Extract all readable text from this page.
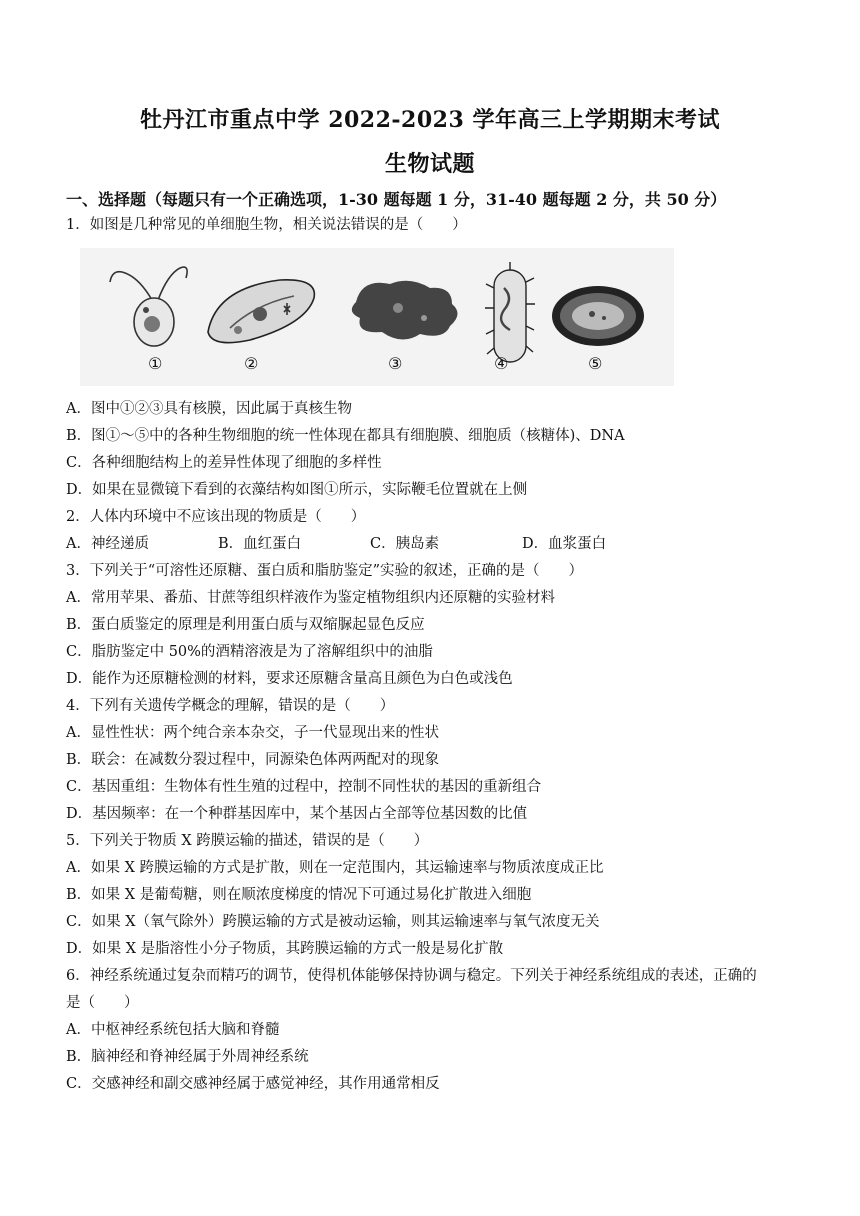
牡丹江市重点中学 2022-2023 学年高三上学期期末考试
生物试题
一、选择题（每题只有一个正确选项，1-30 题每题 1 分，31-40 题每题 2 分，共 50 分）
1．如图是几种常见的单细胞生物，相关说法错误的是（　　）
①	②	③	④	⑤
A．图中①②③具有核膜，因此属于真核生物
B．图①～⑤中的各种生物细胞的统一性体现在都具有细胞膜、细胞质（核糖体)、DNA
C．各种细胞结构上的差异性体现了细胞的多样性
D．如果在显微镜下看到的衣藻结构如图①所示，实际鞭毛位置就在上侧
2．人体内环境中不应该出现的物质是（　　）
A．神经递质	B．血红蛋白	C．胰岛素	D．血浆蛋白
3．下列关于“可溶性还原糖、蛋白质和脂肪鉴定”实验的叙述，正确的是（　　）
A．常用苹果、番茄、甘蔗等组织样液作为鉴定植物组织内还原糖的实验材料
B．蛋白质鉴定的原理是利用蛋白质与双缩脲起显色反应
C．脂肪鉴定中 50%的酒精溶液是为了溶解组织中的油脂
D．能作为还原糖检测的材料，要求还原糖含量高且颜色为白色或浅色
4．下列有关遗传学概念的理解，错误的是（　　）
A．显性性状：两个纯合亲本杂交，子一代显现出来的性状
B．联会：在减数分裂过程中，同源染色体两两配对的现象
C．基因重组：生物体有性生殖的过程中，控制不同性状的基因的重新组合
D．基因频率：在一个种群基因库中，某个基因占全部等位基因数的比值
5．下列关于物质 X 跨膜运输的描述，错误的是（　　）
A．如果 X 跨膜运输的方式是扩散，则在一定范围内，其运输速率与物质浓度成正比
B．如果 X 是葡萄糖，则在顺浓度梯度的情况下可通过易化扩散进入细胞
C．如果 X（氧气除外）跨膜运输的方式是被动运输，则其运输速率与氧气浓度无关
D．如果 X 是脂溶性小分子物质，其跨膜运输的方式一般是易化扩散
6．神经系统通过复杂而精巧的调节，使得机体能够保持协调与稳定。下列关于神经系统组成的表述，正确的
是（　　）
A．中枢神经系统包括大脑和脊髓
B．脑神经和脊神经属于外周神经系统
C．交感神经和副交感神经属于感觉神经，其作用通常相反
